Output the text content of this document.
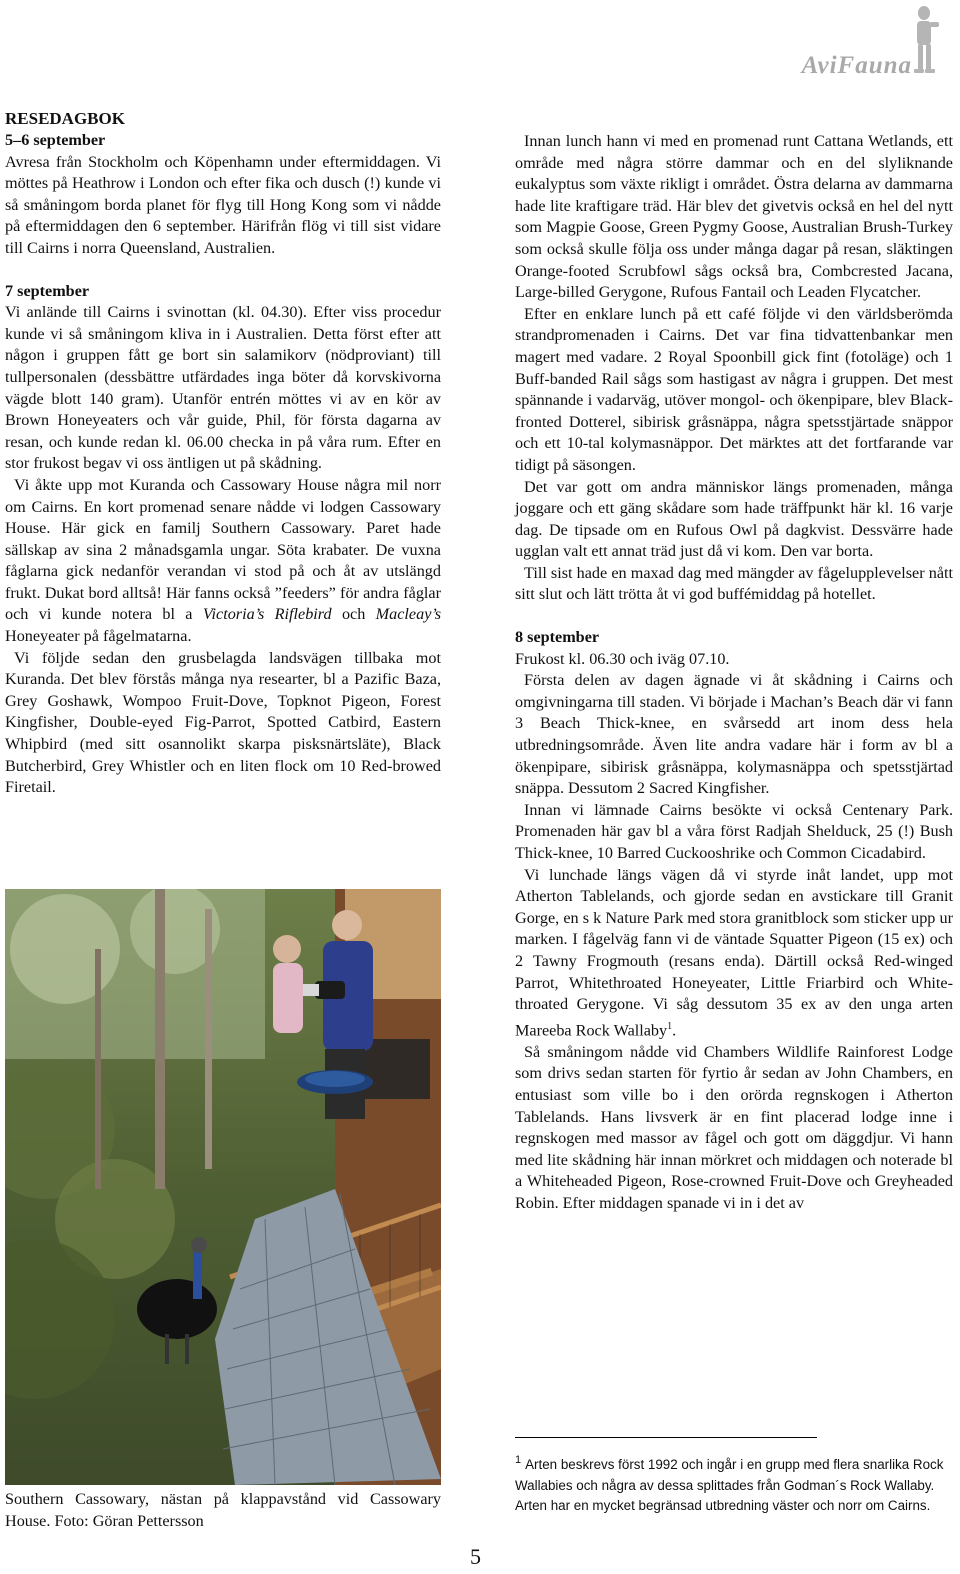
AviFauna

RESEDAGBOK

5–6 september

Avresa från Stockholm och Köpenhamn under eftermiddagen. Vi möttes på Heathrow i London och efter fika och dusch (!) kunde vi så småningom borda planet för flyg till Hong Kong som vi nådde på eftermiddagen den 6 september. Härifrån flög vi till sist vidare till Cairns i norra Queensland, Australien.

7 september

Vi anlände till Cairns i svinottan (kl. 04.30). Efter viss procedur kunde vi så småningom kliva in i Australien. Detta först efter att någon i gruppen fått ge bort sin salamikorv (nödproviant) till tullpersonalen (dessbättre utfärdades inga böter då korvskivorna vägde blott 140 gram). Utanför entrén möttes vi av en kör av Brown Honeyeaters och vår guide, Phil, för första dagarna av resan, och kunde redan kl. 06.00 checka in på våra rum. Efter en stor frukost begav vi oss äntligen ut på skådning.

Vi åkte upp mot Kuranda och Cassowary House några mil norr om Cairns. En kort promenad senare nådde vi lodgen Cassowary House. Här gick en familj Southern Cassowary. Paret hade sällskap av sina 2 månadsgamla ungar. Söta krabater. De vuxna fåglarna gick nedanför verandan vi stod på och åt av utslängd frukt. Dukat bord alltså! Här fanns också ”feeders” för andra fåglar och vi kunde notera bl a Victoria’s Riflebird och Macleay’s Honeyeater på fågelmatarna.

Vi följde sedan den grusbelagda landsvägen tillbaka mot Kuranda. Det blev förstås många nya researter, bl a Pazific Baza, Grey Goshawk, Wompoo Fruit-Dove, Topknot Pigeon, Forest Kingfisher, Double-eyed Fig-Parrot, Spotted Catbird, Eastern Whipbird (med sitt osannolikt skarpa pisksnärtsläte), Black Butcherbird, Grey Whistler och en liten flock om 10 Red-browed Firetail.

Southern Cassowary, nästan på klappavstånd vid Cassowary House. Foto: Göran Pettersson

Innan lunch hann vi med en promenad runt Cattana Wetlands, ett område med några större dammar och en del slyliknande eukalyptus som växte rikligt i området. Östra delarna av dammarna hade lite kraftigare träd. Här blev det givetvis också en hel del nytt som Magpie Goose, Green Pygmy Goose, Australian Brush-Turkey som också skulle följa oss under många dagar på resan, släktingen Orange-footed Scrubfowl sågs också bra, Combcrested Jacana, Large-billed Gerygone, Rufous Fantail och Leaden Flycatcher.

Efter en enklare lunch på ett café följde vi den världsberömda strandpromenaden i Cairns. Det var fina tidvattenbankar men magert med vadare. 2 Royal Spoonbill gick fint (fotoläge) och 1 Buff-banded Rail sågs som hastigast av några i gruppen. Det mest spännande i vadarväg, utöver mongol- och ökenpipare, blev Black-fronted Dotterel, sibirisk gråsnäppa, några spetsstjärtade snäppor och ett 10-tal kolymasnäppor. Det märktes att det fortfarande var tidigt på säsongen.

Det var gott om andra människor längs promenaden, många joggare och ett gäng skådare som hade träffpunkt här kl. 16 varje dag. De tipsade om en Rufous Owl på dagkvist. Dessvärre hade ugglan valt ett annat träd just då vi kom. Den var borta.

Till sist hade en maxad dag med mängder av fågelupplevelser nått sitt slut och lätt trötta åt vi god buffémiddag på hotellet.

8 september

Frukost kl. 06.30 och iväg 07.10.

Första delen av dagen ägnade vi åt skådning i Cairns och omgivningarna till staden. Vi började i Machan’s Beach där vi fann 3 Beach Thick-knee, en svårsedd art inom dess hela utbredningsområde. Även lite andra vadare här i form av bl a ökenpipare, sibirisk gråsnäppa, kolymasnäppa och spetsstjärtad snäppa. Dessutom 2 Sacred Kingfisher.

Innan vi lämnade Cairns besökte vi också Centenary Park. Promenaden här gav bl a våra först Radjah Shelduck, 25 (!) Bush Thick-knee, 10 Barred Cuckooshrike och Common Cicadabird.

Vi lunchade längs vägen då vi styrde inåt landet, upp mot Atherton Tablelands, och gjorde sedan en avstickare till Granit Gorge, en s k Nature Park med stora granitblock som sticker upp ur marken. I fågelväg fann vi de väntade Squatter Pigeon (15 ex) och 2 Tawny Frogmouth (resans enda). Därtill också Red-winged Parrot, Whitethroated Honeyeater, Little Friarbird och White-throated Gerygone. Vi såg dessutom 35 ex av den unga arten Mareeba Rock Wallaby$^1$.

Så småningom nådde vid Chambers Wildlife Rainforest Lodge som drivs sedan starten för fyrtio år sedan av John Chambers, en entusiast som ville bo i den orörda regnskogen i Atherton Tablelands. Hans livsverk är en fint placerad lodge inne i regnskogen med massor av fågel och gott om däggdjur. Vi hann med lite skådning här innan mörkret och middagen och noterade bl a Whiteheaded Pigeon, Rose-crowned Fruit-Dove och Greyheaded Robin. Efter middagen spanade vi in i det av

$^1$ Arten beskrevs först 1992 och ingår i en grupp med flera snarlika Rock Wallabies och några av dessa splittades från Godman´s Rock Wallaby. Arten har en mycket begränsad utbredning väster och norr om Cairns.
5
